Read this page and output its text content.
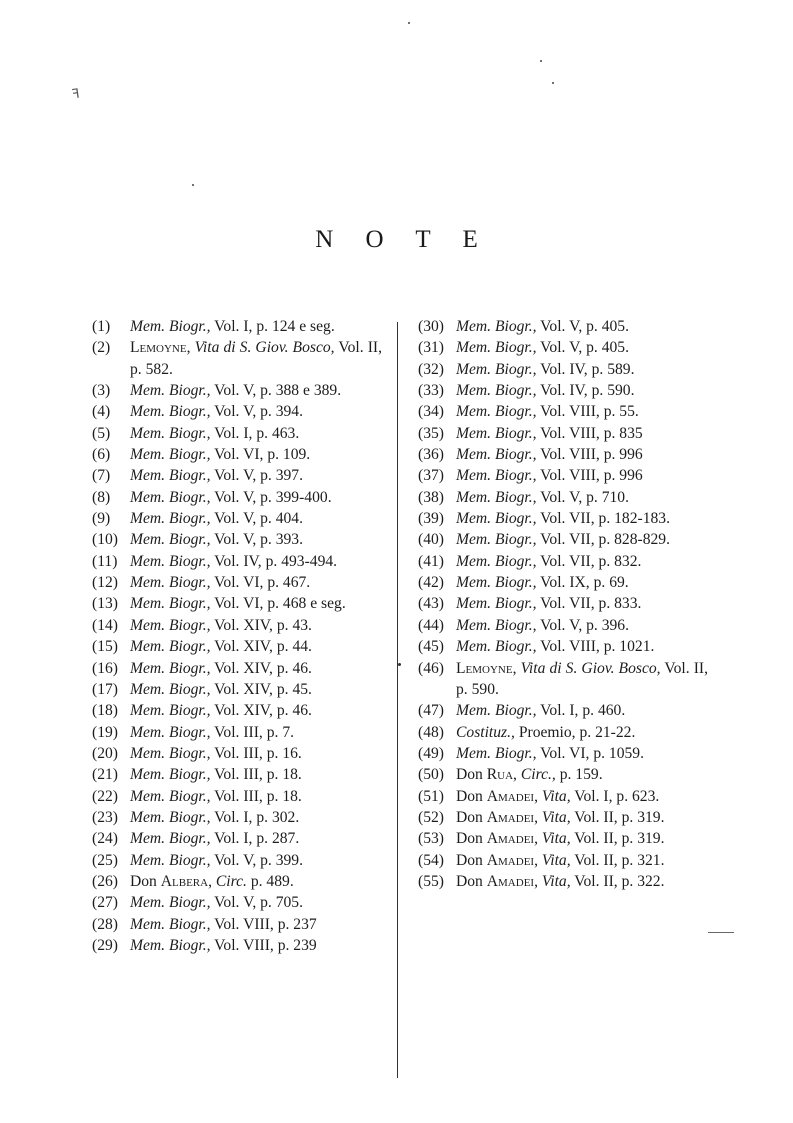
ꟻ
N O T E
(1) Mem. Biogr., Vol. I, p. 124 e seg.
(2) Lemoyne, Vita di S. Giov. Bosco, Vol. II, p. 582.
(3) Mem. Biogr., Vol. V, p. 388 e 389.
(4) Mem. Biogr., Vol. V, p. 394.
(5) Mem. Biogr., Vol. I, p. 463.
(6) Mem. Biogr., Vol. VI, p. 109.
(7) Mem. Biogr., Vol. V, p. 397.
(8) Mem. Biogr., Vol. V, p. 399-400.
(9) Mem. Biogr., Vol. V, p. 404.
(10) Mem. Biogr., Vol. V, p. 393.
(11) Mem. Biogr., Vol. IV, p. 493-494.
(12) Mem. Biogr., Vol. VI, p. 467.
(13) Mem. Biogr., Vol. VI, p. 468 e seg.
(14) Mem. Biogr., Vol. XIV, p. 43.
(15) Mem. Biogr., Vol. XIV, p. 44.
(16) Mem. Biogr., Vol. XIV, p. 46.
(17) Mem. Biogr., Vol. XIV, p. 45.
(18) Mem. Biogr., Vol. XIV, p. 46.
(19) Mem. Biogr., Vol. III, p. 7.
(20) Mem. Biogr., Vol. III, p. 16.
(21) Mem. Biogr., Vol. III, p. 18.
(22) Mem. Biogr., Vol. III, p. 18.
(23) Mem. Biogr., Vol. I, p. 302.
(24) Mem. Biogr., Vol. I, p. 287.
(25) Mem. Biogr., Vol. V, p. 399.
(26) Don Albera, Circ. p. 489.
(27) Mem. Biogr., Vol. V, p. 705.
(28) Mem. Biogr., Vol. VIII, p. 237
(29) Mem. Biogr., Vol. VIII, p. 239
(30) Mem. Biogr., Vol. V, p. 405.
(31) Mem. Biogr., Vol. V, p. 405.
(32) Mem. Biogr., Vol. IV, p. 589.
(33) Mem. Biogr., Vol. IV, p. 590.
(34) Mem. Biogr., Vol. VIII, p. 55.
(35) Mem. Biogr., Vol. VIII, p. 835
(36) Mem. Biogr., Vol. VIII, p. 996
(37) Mem. Biogr., Vol. VIII, p. 996
(38) Mem. Biogr., Vol. V, p. 710.
(39) Mem. Biogr., Vol. VII, p. 182-183.
(40) Mem. Biogr., Vol. VII, p. 828-829.
(41) Mem. Biogr., Vol. VII, p. 832.
(42) Mem. Biogr., Vol. IX, p. 69.
(43) Mem. Biogr., Vol. VII, p. 833.
(44) Mem. Biogr., Vol. V, p. 396.
(45) Mem. Biogr., Vol. VIII, p. 1021.
(46) Lemoyne, Vita di S. Giov. Bosco, Vol. II, p. 590.
(47) Mem. Biogr., Vol. I, p. 460.
(48) Costituz., Proemio, p. 21-22.
(49) Mem. Biogr., Vol. VI, p. 1059.
(50) Don Rua, Circ., p. 159.
(51) Don Amadei, Vita, Vol. I, p. 623.
(52) Don Amadei, Vita, Vol. II, p. 319.
(53) Don Amadei, Vita, Vol. II, p. 319.
(54) Don Amadei, Vita, Vol. II, p. 321.
(55) Don Amadei, Vita, Vol. II, p. 322.
